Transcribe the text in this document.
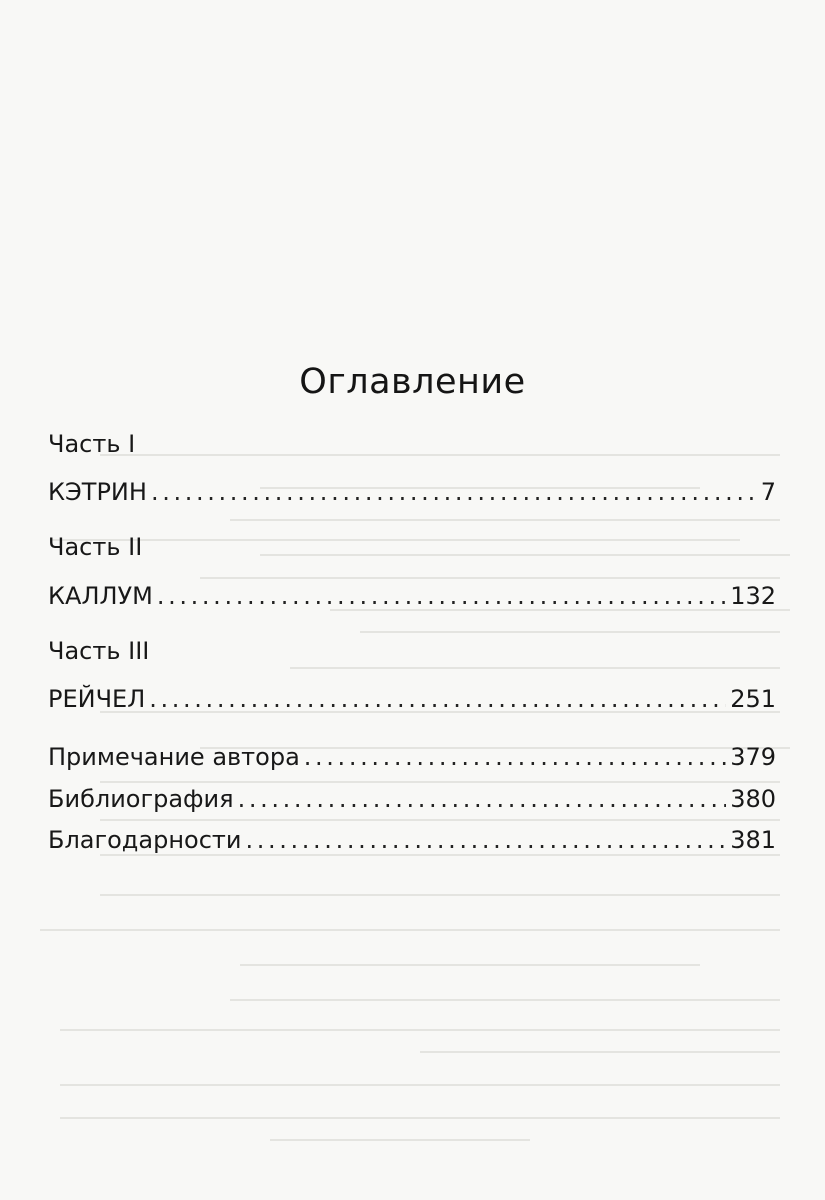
Оглавление
Часть I
КЭТРИН . . .	7
Часть II
КАЛЛУМ . . .	132
Часть III
РЕЙЧЕЛ . . .	251
Примечание автора . . .	379
Библиография . . .	380
Благодарности . . .	381
